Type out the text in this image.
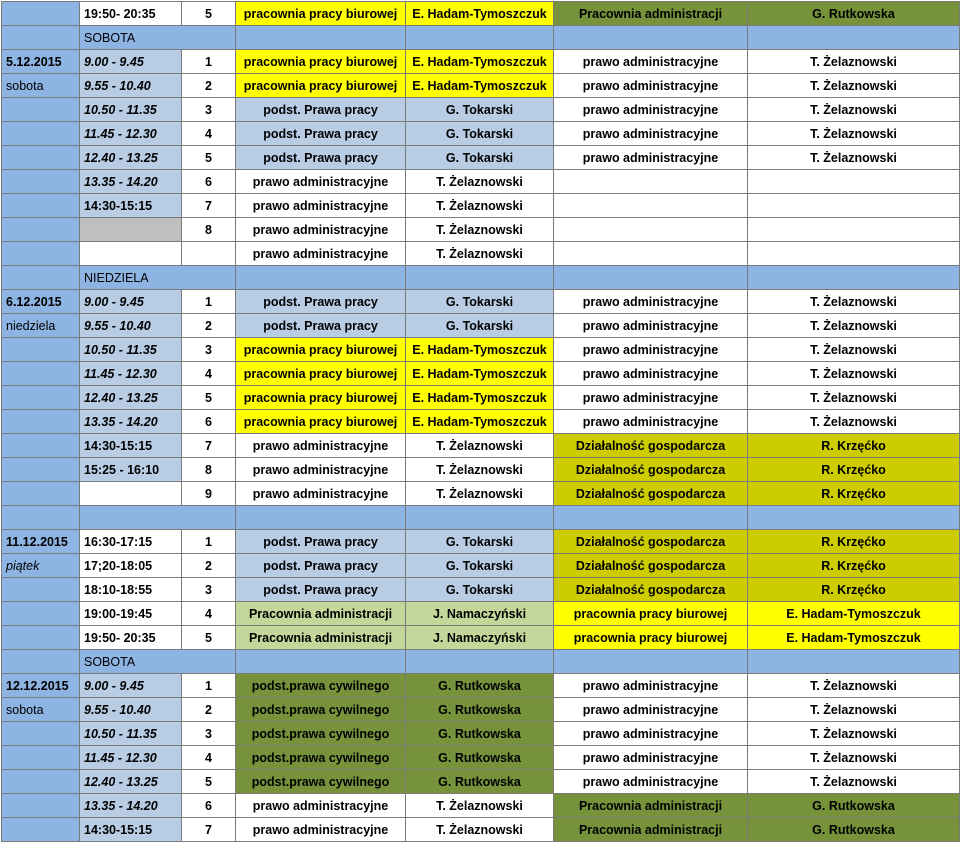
	19:50- 20:35	5	pracownia pracy biurowej	E. Hadam-Tymoszczuk	Pracownia administracji	G. Rutkowska
	SOBOTA					
5.12.2015	9.00 - 9.45	1	pracownia pracy biurowej	E. Hadam-Tymoszczuk	prawo administracyjne	T. Żelaznowski
sobota	9.55 - 10.40	2	pracownia pracy biurowej	E. Hadam-Tymoszczuk	prawo administracyjne	T. Żelaznowski
	10.50 - 11.35	3	podst. Prawa pracy	G. Tokarski	prawo administracyjne	T. Żelaznowski
	11.45 - 12.30	4	podst. Prawa pracy	G. Tokarski	prawo administracyjne	T. Żelaznowski
	12.40 - 13.25	5	podst. Prawa pracy	G. Tokarski	prawo administracyjne	T. Żelaznowski
	13.35 - 14.20	6	prawo administracyjne	T. Żelaznowski		
	14:30-15:15	7	prawo administracyjne	T. Żelaznowski		
		8	prawo administracyjne	T. Żelaznowski		
			prawo administracyjne	T. Żelaznowski		
	NIEDZIELA					
6.12.2015	9.00 - 9.45	1	podst. Prawa pracy	G. Tokarski	prawo administracyjne	T. Żelaznowski
niedziela	9.55 - 10.40	2	podst. Prawa pracy	G. Tokarski	prawo administracyjne	T. Żelaznowski
	10.50 - 11.35	3	pracownia pracy biurowej	E. Hadam-Tymoszczuk	prawo administracyjne	T. Żelaznowski
	11.45 - 12.30	4	pracownia pracy biurowej	E. Hadam-Tymoszczuk	prawo administracyjne	T. Żelaznowski
	12.40 - 13.25	5	pracownia pracy biurowej	E. Hadam-Tymoszczuk	prawo administracyjne	T. Żelaznowski
	13.35 - 14.20	6	pracownia pracy biurowej	E. Hadam-Tymoszczuk	prawo administracyjne	T. Żelaznowski
	14:30-15:15	7	prawo administracyjne	T. Żelaznowski	Działalność gospodarcza	R. Krzęćko
	15:25 - 16:10	8	prawo administracyjne	T. Żelaznowski	Działalność gospodarcza	R. Krzęćko
		9	prawo administracyjne	T. Żelaznowski	Działalność gospodarcza	R. Krzęćko

11.12.2015	16:30-17:15	1	podst. Prawa pracy	G. Tokarski	Działalność gospodarcza	R. Krzęćko
piątek	17;20-18:05	2	podst. Prawa pracy	G. Tokarski	Działalność gospodarcza	R. Krzęćko
	18:10-18:55	3	podst. Prawa pracy	G. Tokarski	Działalność gospodarcza	R. Krzęćko
	19:00-19:45	4	Pracownia administracji	J. Namaczyński	pracownia pracy biurowej	E. Hadam-Tymoszczuk
	19:50- 20:35	5	Pracownia administracji	J. Namaczyński	pracownia pracy biurowej	E. Hadam-Tymoszczuk
	SOBOTA					
12.12.2015	9.00 - 9.45	1	podst.prawa cywilnego	G. Rutkowska	prawo administracyjne	T. Żelaznowski
sobota	9.55 - 10.40	2	podst.prawa cywilnego	G. Rutkowska	prawo administracyjne	T. Żelaznowski
	10.50 - 11.35	3	podst.prawa cywilnego	G. Rutkowska	prawo administracyjne	T. Żelaznowski
	11.45 - 12.30	4	podst.prawa cywilnego	G. Rutkowska	prawo administracyjne	T. Żelaznowski
	12.40 - 13.25	5	podst.prawa cywilnego	G. Rutkowska	prawo administracyjne	T. Żelaznowski
	13.35 - 14.20	6	prawo administracyjne	T. Żelaznowski	Pracownia administracji	G. Rutkowska
	14:30-15:15	7	prawo administracyjne	T. Żelaznowski	Pracownia administracji	G. Rutkowska
